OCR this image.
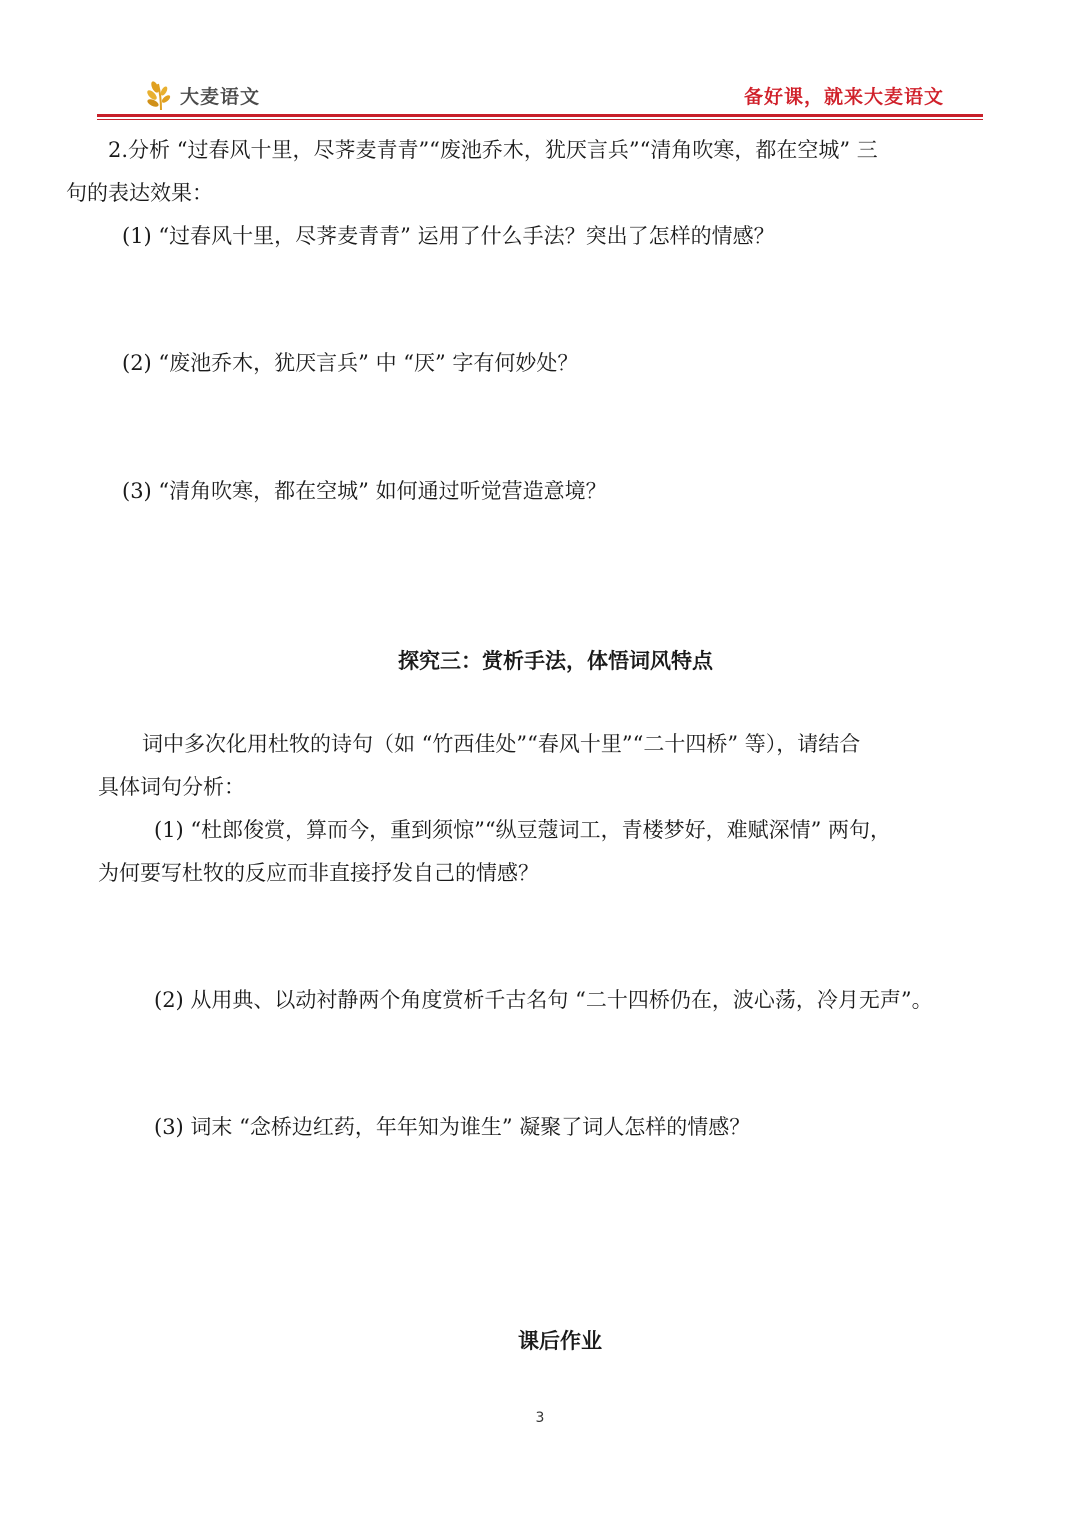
大麦语文	备好课，就来大麦语文
2.分析 “过春风十里，尽荠麦青青”“废池乔木，犹厌言兵”“清角吹寒，都在空城” 三
句的表达效果：
(1) “过春风十里，尽荠麦青青” 运用了什么手法？突出了怎样的情感？
(2) “废池乔木，犹厌言兵” 中 “厌” 字有何妙处？
(3) “清角吹寒，都在空城” 如何通过听觉营造意境？
探究三：赏析手法，体悟词风特点
词中多次化用杜牧的诗句（如 “竹西佳处”“春风十里”“二十四桥” 等），请结合
具体词句分析：
(1) “杜郎俊赏，算而今，重到须惊”“纵豆蔻词工，青楼梦好，难赋深情” 两句，
为何要写杜牧的反应而非直接抒发自己的情感？
(2) 从用典、以动衬静两个角度赏析千古名句 “二十四桥仍在，波心荡，冷月无声”。
(3) 词末 “念桥边红药，年年知为谁生” 凝聚了词人怎样的情感？
课后作业
3
